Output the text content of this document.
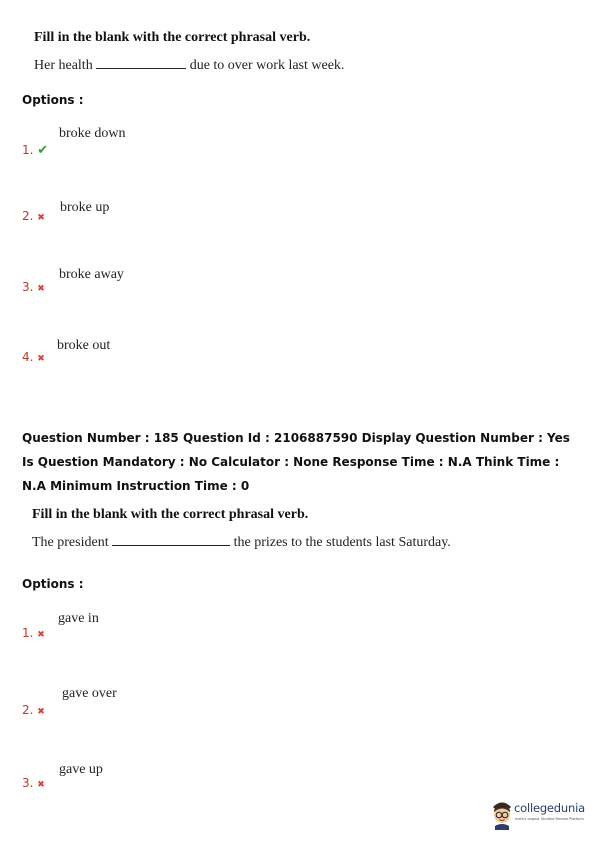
Fill in the blank with the correct phrasal verb.
Her health	due to over work last week.
Options :
broke down
1. ✔
broke up
2. ✖
broke away
3. ✖
broke out
4. ✖
Question Number : 185 Question Id : 2106887590 Display Question Number : Yes Is Question Mandatory : No Calculator : None Response Time : N.A Think Time : N.A Minimum Instruction Time : 0
Fill in the blank with the correct phrasal verb.
The president	the prizes to the students last Saturday.
Options :
gave in
1. ✖
gave over
2. ✖
gave up
3. ✖
collegedunia
India's largest Student Review Platform
